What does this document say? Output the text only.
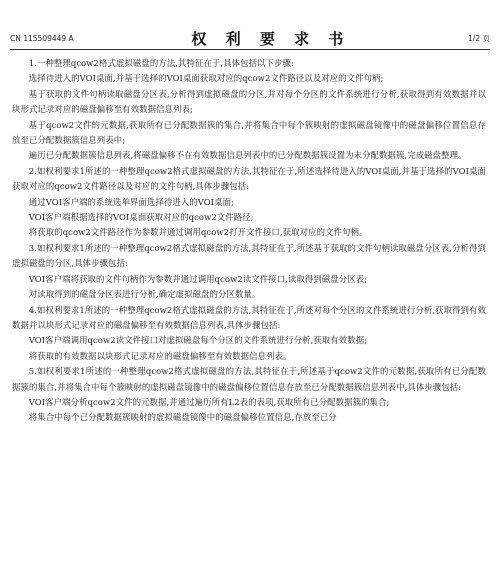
CN 115509449 A	权 利 要 求 书	1/2 页

1.一种整理qcow2格式虚拟磁盘的方法,其特征在于,具体包括以下步骤:

选择待进入的VOI桌面,并基于选择的VOI桌面获取对应的qcow2文件路径以及对应的文件句柄;

基于获取的文件句柄读取磁盘分区表,分析得到虚拟磁盘的分区,并对每个分区的文件系统进行分析,获取得到有效数据并以块形式记录对应的磁盘偏移至有效数据信息列表;

基于qcow2文件的元数据,获取所有已分配数据簇的集合,并将集合中每个簇映射的虚拟磁盘镜像中的磁盘偏移位置信息存放至已分配数据簇信息列表中;

遍历已分配数据簇信息列表,将磁盘偏移不在有效数据信息列表中的已分配数据簇设置为未分配数据簇,完成磁盘整理。

2.如权利要求1所述的一种整理qcow2格式虚拟磁盘的方法,其特征在于,所述选择待进入的VOI桌面,并基于选择的VOI桌面获取对应的qcow2文件路径以及对应的文件句柄,具体步骤包括:

通过VOI客户端的系统选单界面选择待进入的VOI桌面;

VOI客户端根据选择的VOI桌面获取对应的qcow2文件路径;

将获取的qcow2文件路径作为参数并通过调用qcow2打开文件接口,获取对应的文件句柄。

3.如权利要求1所述的一种整理qcow2格式虚拟磁盘的方法,其特征在于,所述基于获取的文件句柄读取磁盘分区表,分析得到虚拟磁盘的分区,具体步骤包括:

VOI客户端将获取的文件句柄作为参数并通过调用qcow2读文件接口,读取得到磁盘分区表;

对读取得到的磁盘分区表进行分析,确定虚拟磁盘的分区数量。

4.如权利要求1所述的一种整理qcow2格式虚拟磁盘的方法,其特征在于,所述对每个分区的文件系统进行分析,获取得到有效数据并以块形式记录对应的磁盘偏移至有效数据信息列表,具体步骤包括:

VOI客户端调用qcow2读文件接口对虚拟磁盘每个分区的文件系统进行分析,获取有效数据;

将获取的有效数据以块形式记录对应的磁盘偏移至有效数据信息列表。

5.如权利要求1所述的一种整理qcow2格式虚拟磁盘的方法,其特征在于,所述基于qcow2文件的元数据,获取所有已分配数据簇的集合,并将集合中每个簇映射的虚拟磁盘镜像中的磁盘偏移位置信息存放至已分配数据簇信息列表中,具体步骤包括:

VOI客户端分析qcow2文件的元数据,并通过遍历所有L2表的表项,获取所有已分配数据簇的集合;

将集合中每个已分配数据簇映射的虚拟磁盘镜像中的磁盘偏移位置信息,存放至已分
